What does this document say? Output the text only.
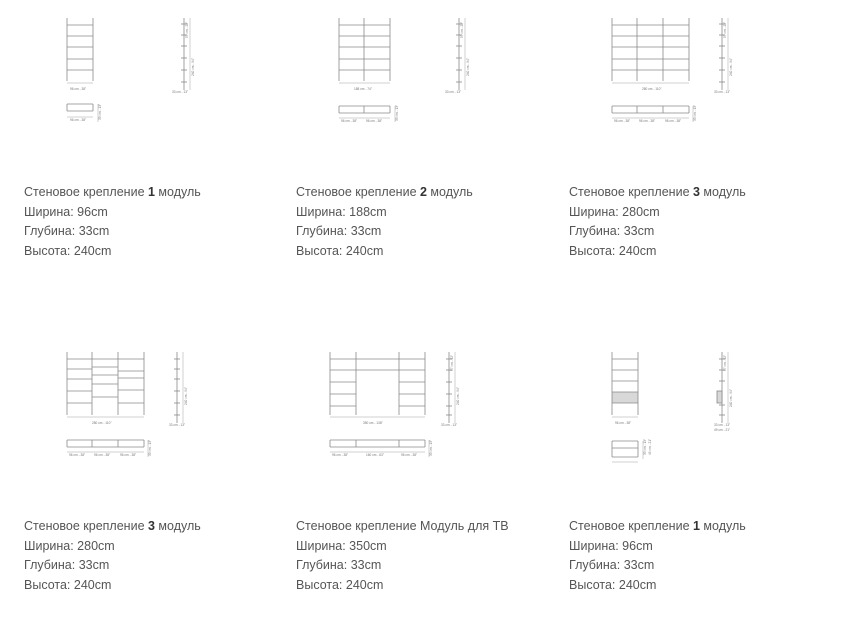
96 cm - 38"
96 cm - 38"
240 cm - 94"
57 cm - 22"
33 cm - 13"
33 cm - 13"
Стеновое крепление 1 модуль
Ширина: 96cm
Глубина: 33cm
Высота: 240cm
188 cm - 74"
96 cm - 38"	96 cm - 38"
240 cm - 94"
57 cm - 22"
33 cm - 13"
33 cm - 13"
Стеновое крепление 2 модуль
Ширина: 188cm
Глубина: 33cm
Высота: 240cm
280 cm - 110"
96 cm - 38"	96 cm - 38"	96 cm - 38"
240 cm - 94"
57 cm - 22"
33 cm - 13"
33 cm - 13"
Стеновое крепление 3 модуль
Ширина: 280cm
Глубина: 33cm
Высота: 240cm
280 cm - 110"
96 cm - 38"	96 cm - 38"	96 cm - 38"
240 cm - 94"
33 cm - 13"
33 cm - 13"
Стеновое крепление 3 модуль
Ширина: 280cm
Глубина: 33cm
Высота: 240cm
350 cm - 138"
96 cm - 38"	160 cm - 63"	96 cm - 38"
240 cm - 94"
57 cm - 22"
33 cm - 13"
33 cm - 13"
Стеновое крепление Модуль для ТВ
Ширина: 350cm
Глубина: 33cm
Высота: 240cm
96 cm - 38"
240 cm - 94"
57 cm - 22"
33 cm - 13"
49 cm - 21"
33 cm - 13" 49 cm - 21"
Стеновое крепление 1 модуль
Ширина: 96cm
Глубина: 33cm
Высота: 240cm
